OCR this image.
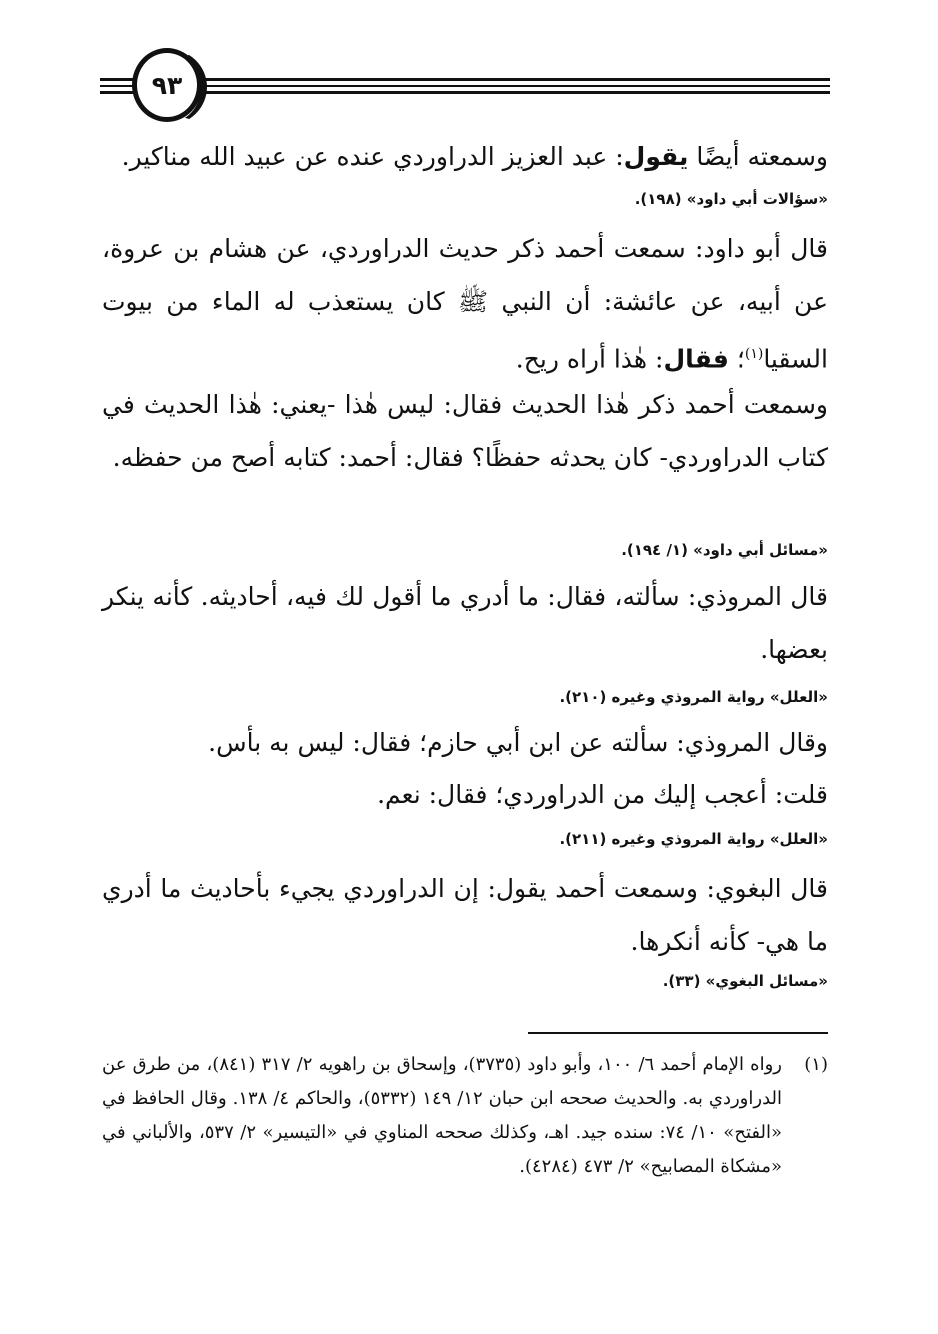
٩٣
وسمعته أيضًا يقول: عبد العزيز الدراوردي عنده عن عبيد الله مناكير.
«سؤالات أبي داود» (١٩٨).
قال أبو داود: سمعت أحمد ذكر حديث الدراوردي، عن هشام بن عروة، عن أبيه، عن عائشة: أن النبي ﷺ كان يستعذب له الماء من بيوت السقيا$^{(١)}$؛ فقال: هٰذا أراه ريح.
وسمعت أحمد ذكر هٰذا الحديث فقال: ليس هٰذا -يعني: هٰذا الحديث في كتاب الدراوردي- كان يحدثه حفظًا؟ فقال: أحمد: كتابه أصح من حفظه.
«مسائل أبي داود» (١/ ١٩٤).
قال المروذي: سألته، فقال: ما أدري ما أقول لك فيه، أحاديثه. كأنه ينكر بعضها.
«العلل» رواية المروذي وغيره (٢١٠).
وقال المروذي: سألته عن ابن أبي حازم؛ فقال: ليس به بأس.
قلت: أعجب إليك من الدراوردي؛ فقال: نعم.
«العلل» رواية المروذي وغيره (٢١١).
قال البغوي: وسمعت أحمد يقول: إن الدراوردي يجيء بأحاديث ما أدري ما هي- كأنه أنكرها.
«مسائل البغوي» (٣٣).
(١)
رواه الإمام أحمد ٦/ ١٠٠، وأبو داود (٣٧٣٥)، وإسحاق بن راهويه ٢/ ٣١٧ (٨٤١)، من طرق عن الدراوردي به. والحديث صححه ابن حبان ١٢/ ١٤٩ (٥٣٣٢)، والحاكم ٤/ ١٣٨. وقال الحافظ في «الفتح» ١٠/ ٧٤: سنده جيد. اهـ، وكذلك صححه المناوي في «التيسير» ٢/ ٥٣٧، والألباني في «مشكاة المصابيح» ٢/ ٤٧٣ (٤٢٨٤).
